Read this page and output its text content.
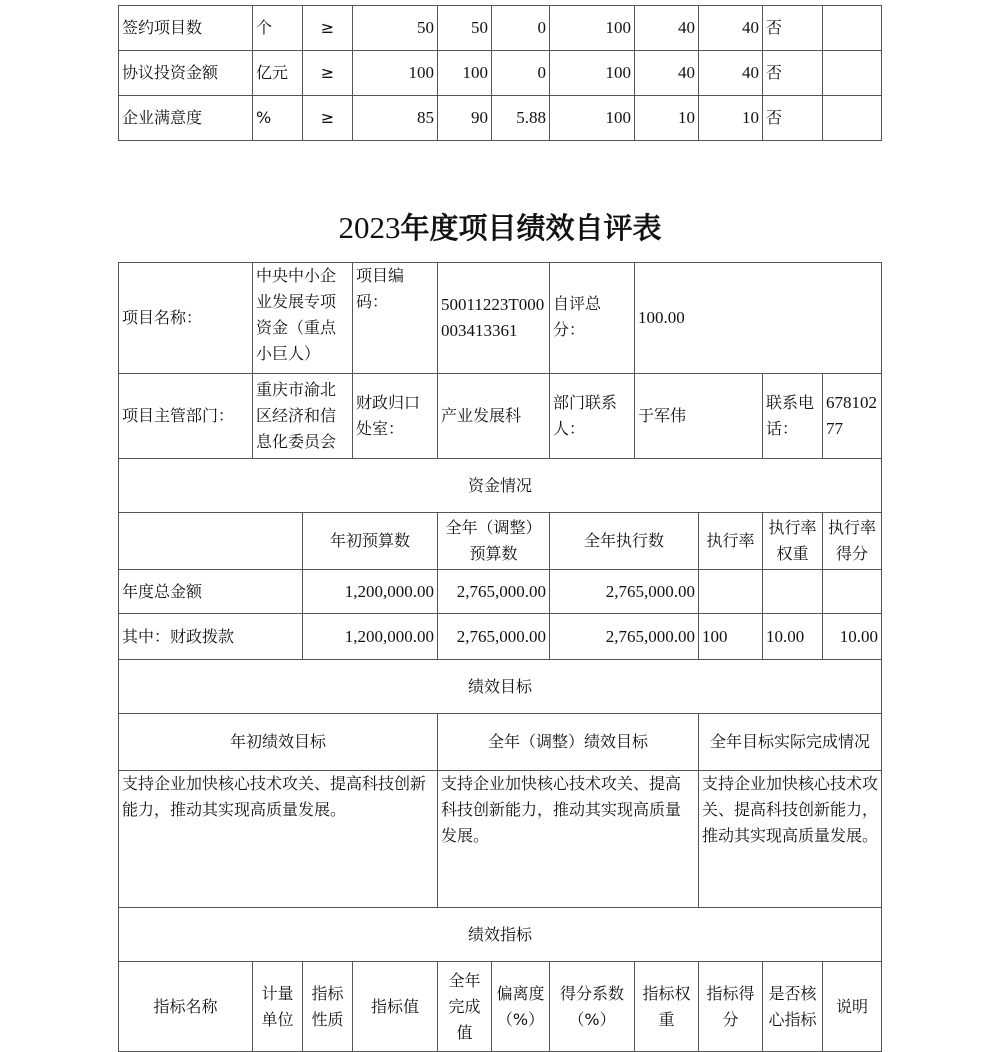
签约项目数	个	≥	50	50	0	100	40	40	否	
协议投资金额	亿元	≥	100	100	0	100	40	40	否	
企业满意度	%	≥	85	90	5.88	100	10	10	否	
2023年度项目绩效自评表
项目名称：	中央中小企业发展专项资金（重点小巨人）		项目编码：	50011223T000003413361		自评总分：	100.00			
项目主管部门：	重庆市渝北区经济和信息化委员会		财政归口处室：	产业发展科		部门联系人：	于军伟		联系电话：	67810277
资金情况										
		年初预算数		全年（调整）预算数		全年执行数		执行率	执行率权重	执行率得分
年度总金额		1,200,000.00		2,765,000.00		2,765,000.00				
其中：财政拨款		1,200,000.00		2,765,000.00		2,765,000.00		100	10.00	10.00
绩效目标										
年初绩效目标				全年（调整）绩效目标				全年目标实际完成情况		
支持企业加快核心技术攻关、提高科技创新能力，推动其实现高质量发展。				支持企业加快核心技术攻关、提高科技创新能力，推动其实现高质量发展。				支持企业加快核心技术攻关、提高科技创新能力，推动其实现高质量发展。		
绩效指标										
指标名称	计量单位	指标性质	指标值	全年完成值	偏离度（%）	得分系数（%）	指标权重	指标得分	是否核心指标	说明
